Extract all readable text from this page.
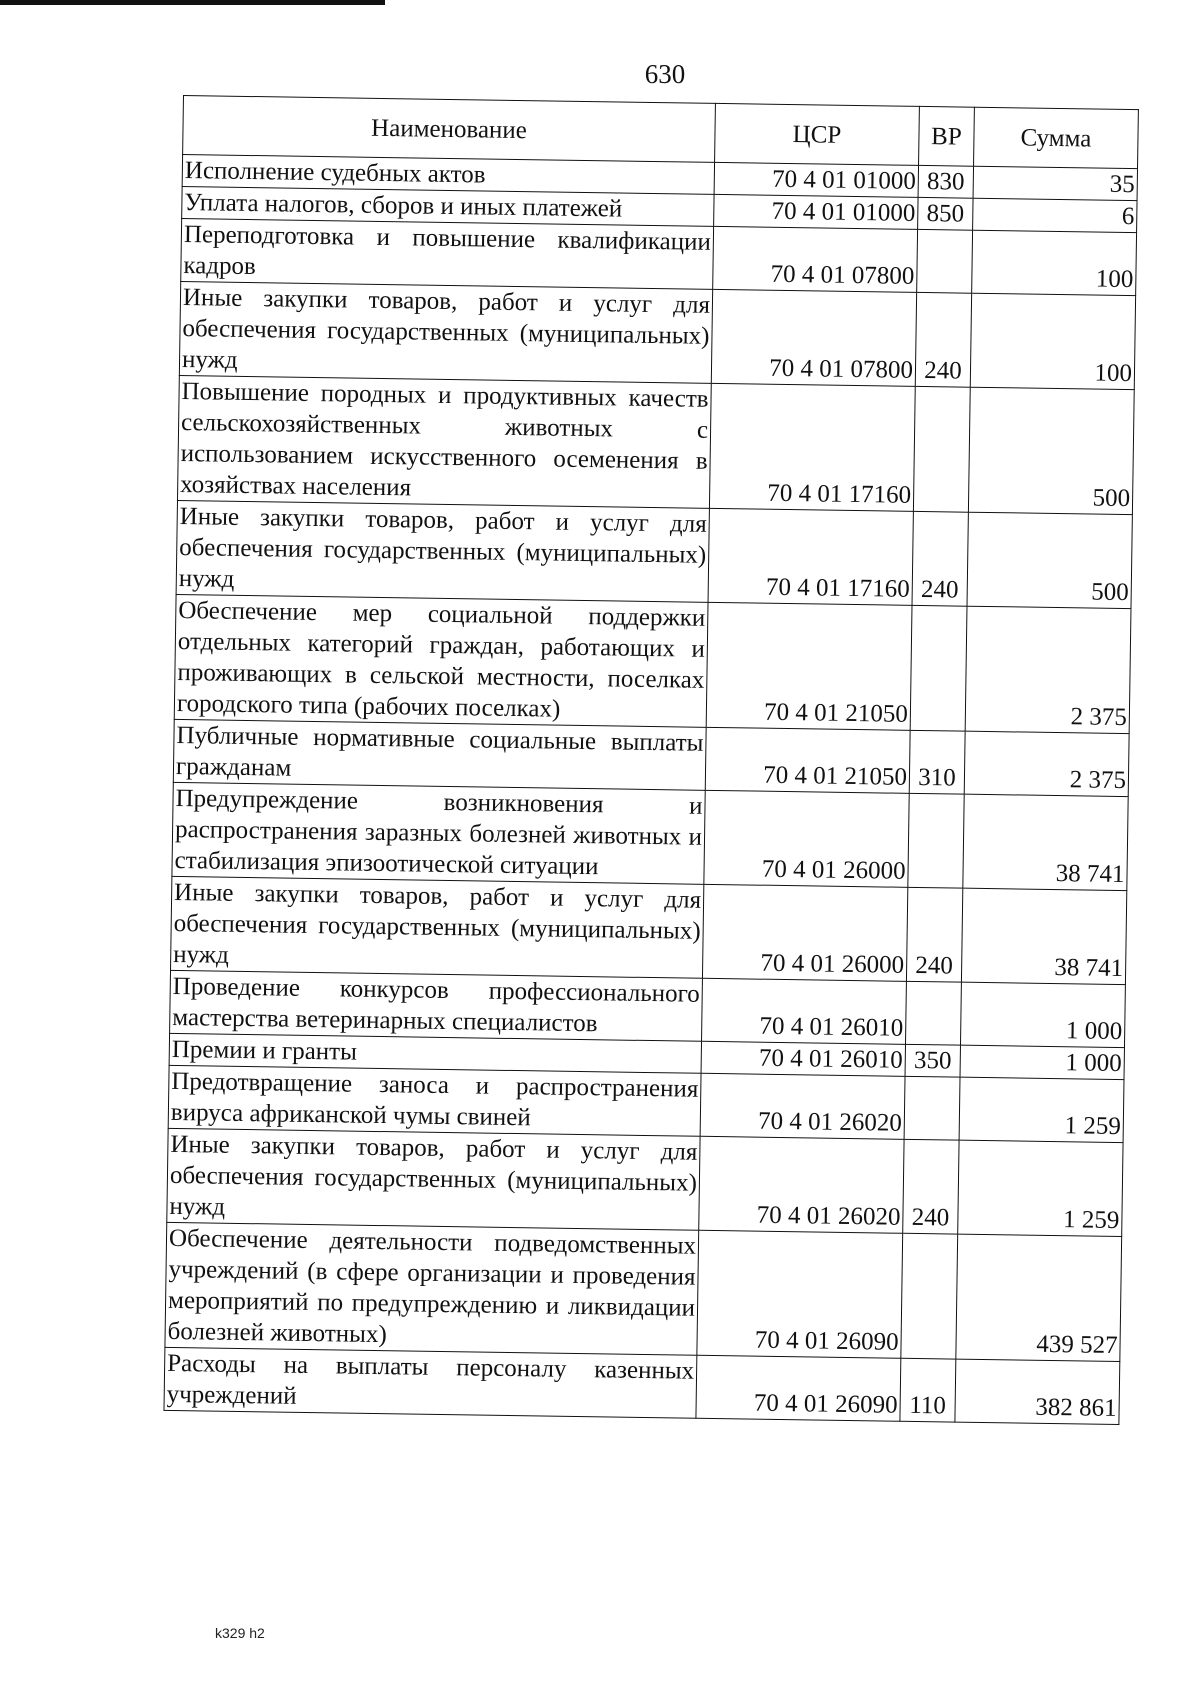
630
Наименование	ЦСР	ВР	Сумма
Исполнение судебных актов	70 4 01 01000	830	35
Уплата налогов, сборов и иных платежей	70 4 01 01000	850	6
Переподготовка и повышение квалификации кадров	70 4 01 07800		100
Иные закупки товаров, работ и услуг для обеспечения государственных (муниципальных) нужд	70 4 01 07800	240	100
Повышение породных и продуктивных качеств сельскохозяйственных животных с использованием искусственного осеменения в хозяйствах населения	70 4 01 17160		500
Иные закупки товаров, работ и услуг для обеспечения государственных (муниципальных) нужд	70 4 01 17160	240	500
Обеспечение мер социальной поддержки отдельных категорий граждан, работающих и проживающих в сельской местности, поселках городского типа (рабочих поселках)	70 4 01 21050		2 375
Публичные нормативные социальные выплаты гражданам	70 4 01 21050	310	2 375
Предупреждение возникновения и распространения заразных болезней животных и стабилизация эпизоотической ситуации	70 4 01 26000		38 741
Иные закупки товаров, работ и услуг для обеспечения государственных (муниципальных) нужд	70 4 01 26000	240	38 741
Проведение конкурсов профессионального мастерства ветеринарных специалистов	70 4 01 26010		1 000
Премии и гранты	70 4 01 26010	350	1 000
Предотвращение заноса и распространения вируса африканской чумы свиней	70 4 01 26020		1 259
Иные закупки товаров, работ и услуг для обеспечения государственных (муниципальных) нужд	70 4 01 26020	240	1 259
Обеспечение деятельности подведомственных учреждений (в сфере организации и проведения мероприятий по предупреждению и ликвидации болезней животных)	70 4 01 26090		439 527
Расходы на выплаты персоналу казенных учреждений	70 4 01 26090	110	382 861
k329 h2
